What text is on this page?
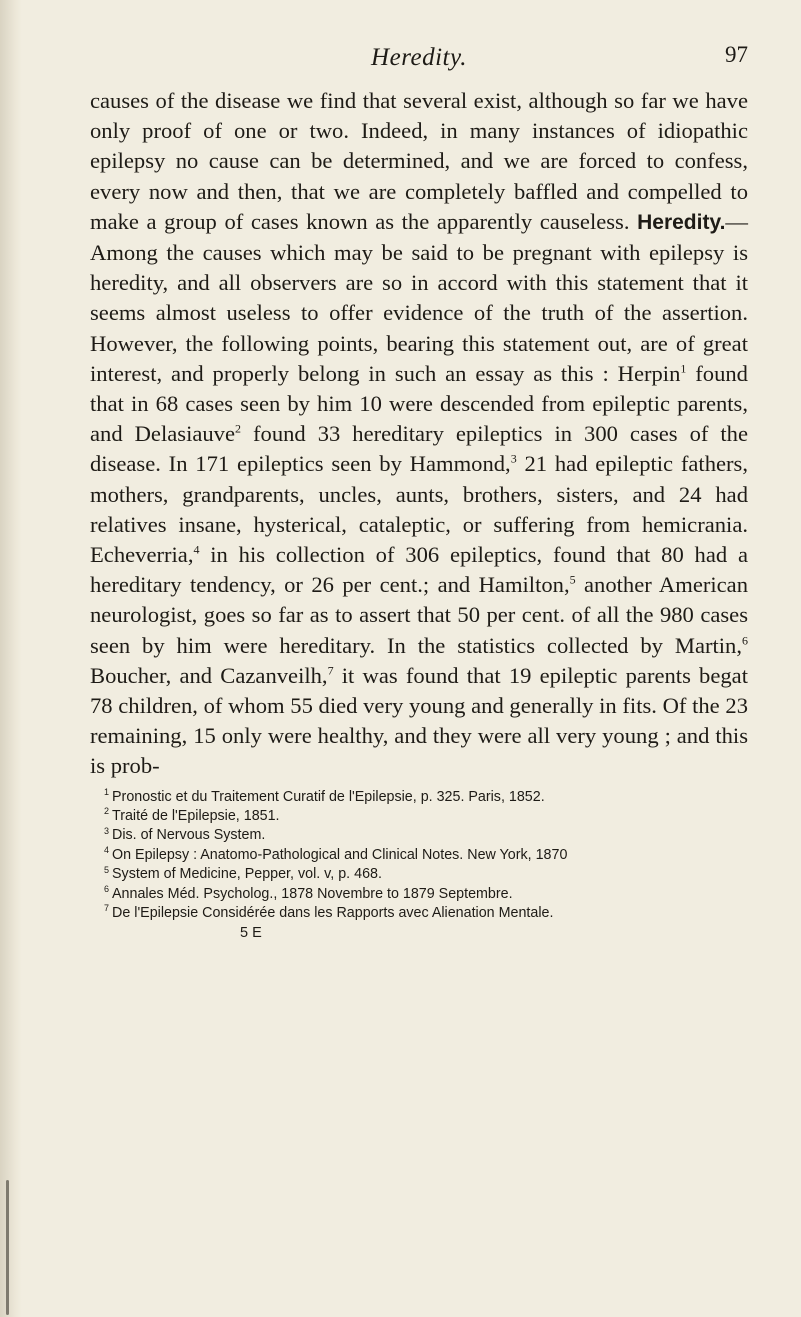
Heredity.	97

causes of the disease we find that several exist, although so far we have only proof of one or two. Indeed, in many instances of idiopathic epilepsy no cause can be determined, and we are forced to confess, every now and then, that we are completely baffled and compelled to make a group of cases known as the apparently causeless. Heredity.—Among the causes which may be said to be pregnant with epilepsy is heredity, and all observers are so in accord with this statement that it seems almost useless to offer evidence of the truth of the assertion. However, the following points, bearing this statement out, are of great interest, and properly belong in such an essay as this : Herpin$^1$ found that in 68 cases seen by him 10 were descended from epileptic parents, and Delasiauve$^2$ found 33 hereditary epileptics in 300 cases of the disease. In 171 epileptics seen by Hammond,$^3$ 21 had epileptic fathers, mothers, grandparents, uncles, aunts, brothers, sisters, and 24 had relatives insane, hysterical, cataleptic, or suffering from hemicrania. Echeverria,$^4$ in his collection of 306 epileptics, found that 80 had a hereditary tendency, or 26 per cent.; and Hamilton,$^5$ another American neurologist, goes so far as to assert that 50 per cent. of all the 980 cases seen by him were hereditary. In the statistics collected by Martin,$^6$ Boucher, and Cazanveilh,$^7$ it was found that 19 epileptic parents begat 78 children, of whom 55 died very young and generally in fits. Of the 23 remaining, 15 only were healthy, and they were all very young ; and this is prob-

$^1$ Pronostic et du Traitement Curatif de l'Epilepsie, p. 325. Paris, 1852.
$^2$ Traité de l'Epilepsie, 1851.
$^3$ Dis. of Nervous System.
$^4$ On Epilepsy : Anatomo-Pathological and Clinical Notes. New York, 1870
$^5$ System of Medicine, Pepper, vol. v, p. 468.
$^6$ Annales Méd. Psycholog., 1878 Novembre to 1879 Septembre.
$^7$ De l'Epilepsie Considérée dans les Rapports avec Alienation Mentale.
5 E
